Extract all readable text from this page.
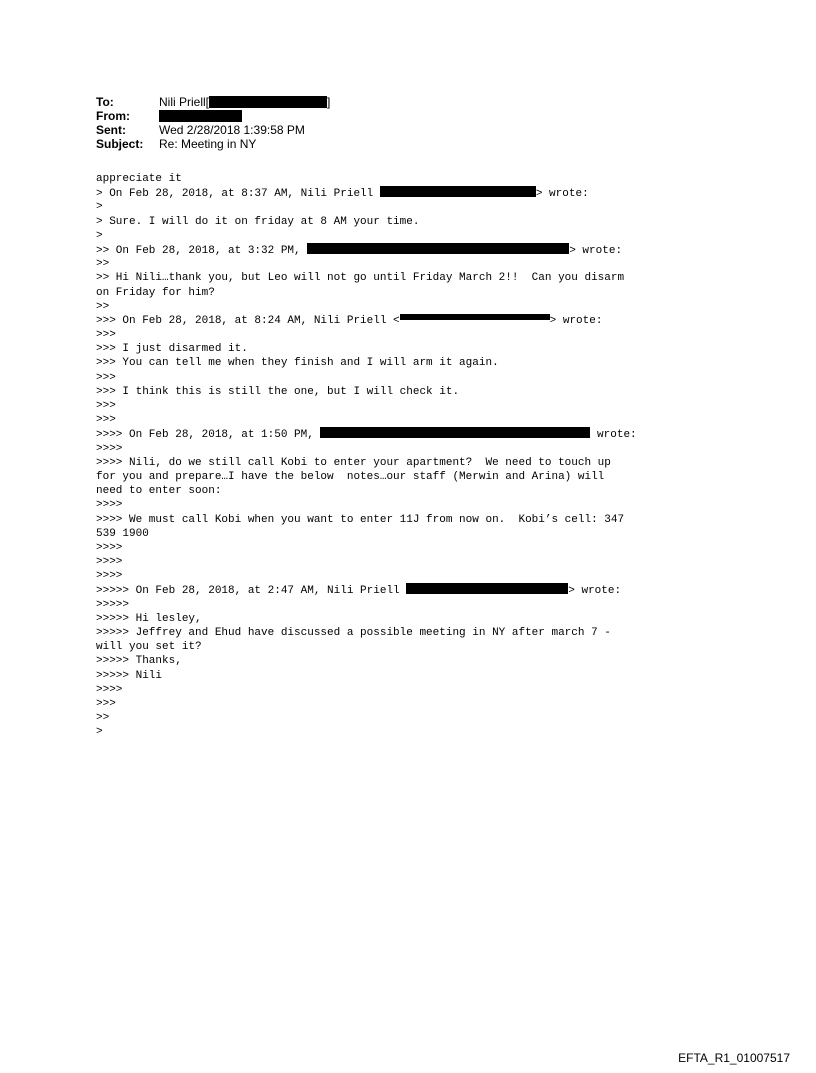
To:	Nili Priell[	]
From:
Sent:	Wed 2/28/2018 1:39:58 PM
Subject:	Re: Meeting in NY
appreciate it
> On Feb 28, 2018, at 8:37 AM, Nili Priell	> wrote:
>
> Sure. I will do it on friday at 8 AM your time.
>
>> On Feb 28, 2018, at 3:32 PM,	> wrote:
>>
>> Hi Nili…thank you, but Leo will not go until Friday March 2!!  Can you disarm
on Friday for him?
>>
>>> On Feb 28, 2018, at 8:24 AM, Nili Priell <	> wrote:
>>>
>>> I just disarmed it.
>>> You can tell me when they finish and I will arm it again.
>>>
>>> I think this is still the one, but I will check it.
>>>
>>>
>>>> On Feb 28, 2018, at 1:50 PM,	wrote:
>>>>
>>>> Nili, do we still call Kobi to enter your apartment?  We need to touch up
for you and prepare…I have the below  notes…our staff (Merwin and Arina) will
need to enter soon:
>>>>
>>>> We must call Kobi when you want to enter 11J from now on.  Kobi’s cell: 347
539 1900
>>>>
>>>>
>>>>
>>>>> On Feb 28, 2018, at 2:47 AM, Nili Priell	> wrote:
>>>>>
>>>>> Hi lesley,
>>>>> Jeffrey and Ehud have discussed a possible meeting in NY after march 7 -
will you set it?
>>>>> Thanks,
>>>>> Nili
>>>>
>>>
>>
>
EFTA_R1_01007517
